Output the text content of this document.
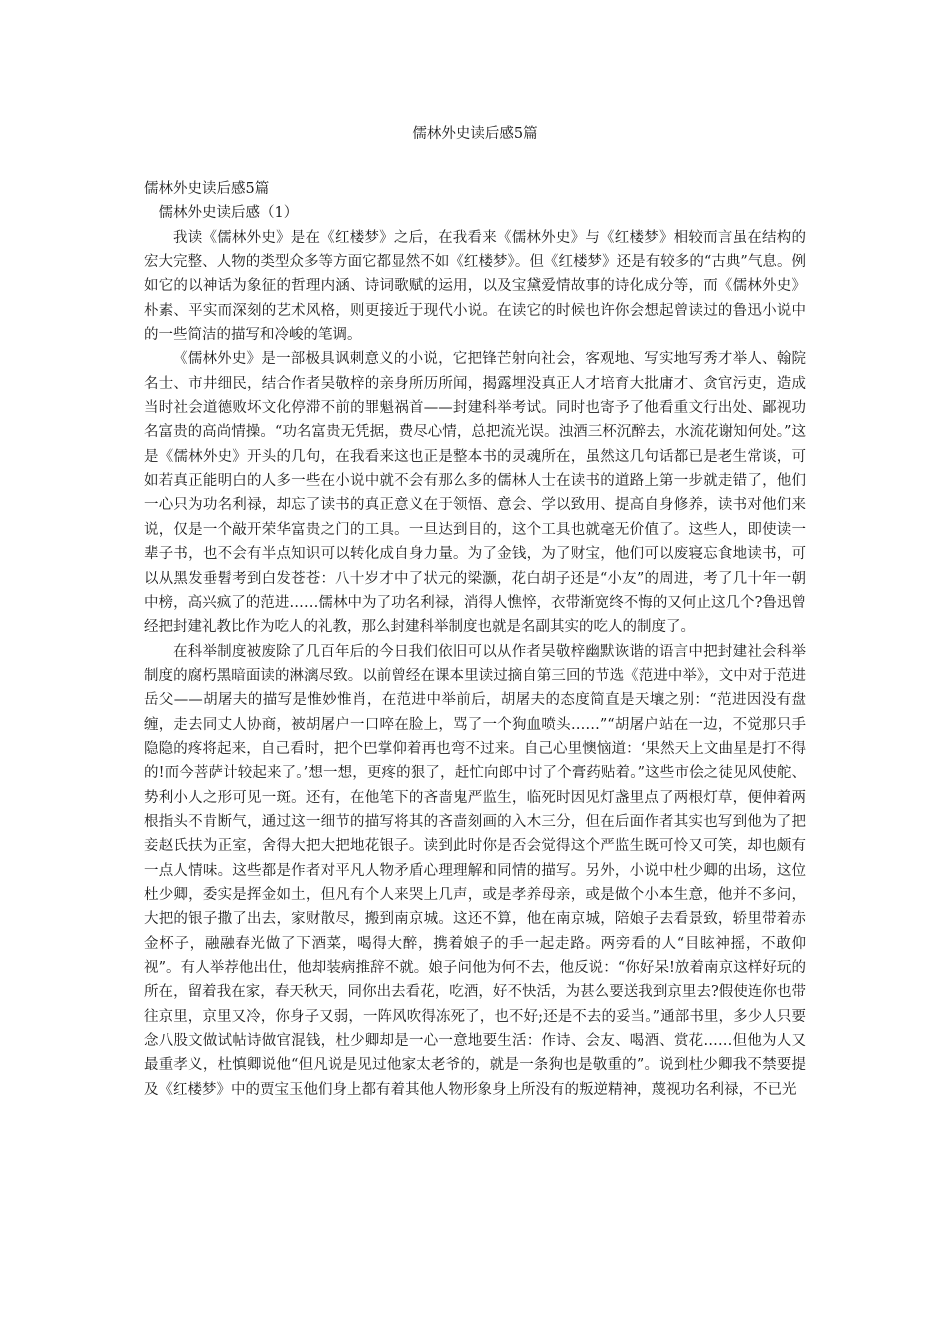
儒林外史读后感5篇

儒林外史读后感5篇

儒林外史读后感（1）

我读《儒林外史》是在《红楼梦》之后，在我看来《儒林外史》与《红楼梦》相较而言虽在结构的宏大完整、人物的类型众多等方面它都显然不如《红楼梦》。但《红楼梦》还是有较多的“古典”气息。例如它的以神话为象征的哲理内涵、诗词歌赋的运用，以及宝黛爱情故事的诗化成分等，而《儒林外史》朴素、平实而深刻的艺术风格，则更接近于现代小说。在读它的时候也许你会想起曾读过的鲁迅小说中的一些简洁的描写和冷峻的笔调。

《儒林外史》是一部极具讽刺意义的小说，它把锋芒射向社会，客观地、写实地写秀才举人、翰院名士、市井细民，结合作者吴敬梓的亲身所历所闻，揭露埋没真正人才培育大批庸才、贪官污吏，造成当时社会道德败坏文化停滞不前的罪魁祸首——封建科举考试。同时也寄予了他看重文行出处、鄙视功名富贵的高尚情操。“功名富贵无凭据，费尽心情，总把流光误。浊酒三杯沉醉去，水流花谢知何处。”这是《儒林外史》开头的几句，在我看来这也正是整本书的灵魂所在，虽然这几句话都已是老生常谈，可如若真正能明白的人多一些在小说中就不会有那么多的儒林人士在读书的道路上第一步就走错了，他们一心只为功名利禄，却忘了读书的真正意义在于领悟、意会、学以致用、提高自身修养，读书对他们来说，仅是一个敲开荣华富贵之门的工具。一旦达到目的，这个工具也就毫无价值了。这些人，即使读一辈子书，也不会有半点知识可以转化成自身力量。为了金钱，为了财宝，他们可以废寝忘食地读书，可以从黑发垂髫考到白发苍苍：八十岁才中了状元的梁灏，花白胡子还是“小友”的周进，考了几十年一朝中榜，高兴疯了的范进……儒林中为了功名利禄，消得人憔悴，衣带渐宽终不悔的又何止这几个?鲁迅曾经把封建礼教比作为吃人的礼教，那么封建科举制度也就是名副其实的吃人的制度了。

在科举制度被废除了几百年后的今日我们依旧可以从作者吴敬梓幽默诙谐的语言中把封建社会科举制度的腐朽黑暗面读的淋漓尽致。以前曾经在课本里读过摘自第三回的节选《范进中举》，文中对于范进岳父——胡屠夫的描写是惟妙惟肖，在范进中举前后，胡屠夫的态度简直是天壤之别：“范进因没有盘缠，走去同丈人协商，被胡屠户一口啐在脸上，骂了一个狗血喷头……”“胡屠户站在一边，不觉那只手隐隐的疼将起来，自己看时，把个巴掌仰着再也弯不过来。自己心里懊恼道：‘果然天上文曲星是打不得的!而今菩萨计较起来了。’想一想，更疼的狠了，赶忙向郎中讨了个膏药贴着。”这些市侩之徒见风使舵、势利小人之形可见一斑。还有，在他笔下的吝啬鬼严监生，临死时因见灯盏里点了两根灯草，便伸着两根指头不肯断气，通过这一细节的描写将其的吝啬刻画的入木三分，但在后面作者其实也写到他为了把妾赵氏扶为正室，舍得大把大把地花银子。读到此时你是否会觉得这个严监生既可怜又可笑，却也颇有一点人情味。这些都是作者对平凡人物矛盾心理理解和同情的描写。另外，小说中杜少卿的出场，这位杜少卿，委实是挥金如土，但凡有个人来哭上几声，或是孝养母亲，或是做个小本生意，他并不多问，大把的银子撒了出去，家财散尽，搬到南京城。这还不算，他在南京城，陪娘子去看景致，轿里带着赤金杯子，融融春光做了下酒菜，喝得大醉，携着娘子的手一起走路。两旁看的人“目眩神摇，不敢仰视”。有人举荐他出仕，他却装病推辞不就。娘子问他为何不去，他反说：“你好呆!放着南京这样好玩的所在，留着我在家，春天秋天，同你出去看花，吃酒，好不快活，为甚么要送我到京里去?假使连你也带往京里，京里又冷，你身子又弱，一阵风吹得冻死了，也不好;还是不去的妥当。”通部书里，多少人只要念八股文做试帖诗做官混钱，杜少卿却是一心一意地要生活：作诗、会友、喝酒、赏花……但他为人又最重孝义，杜慎卿说他“但凡说是见过他家太老爷的，就是一条狗也是敬重的”。说到杜少卿我不禁要提及《红楼梦》中的贾宝玉他们身上都有着其他人物形象身上所没有的叛逆精神，蔑视功名利禄，不已光
